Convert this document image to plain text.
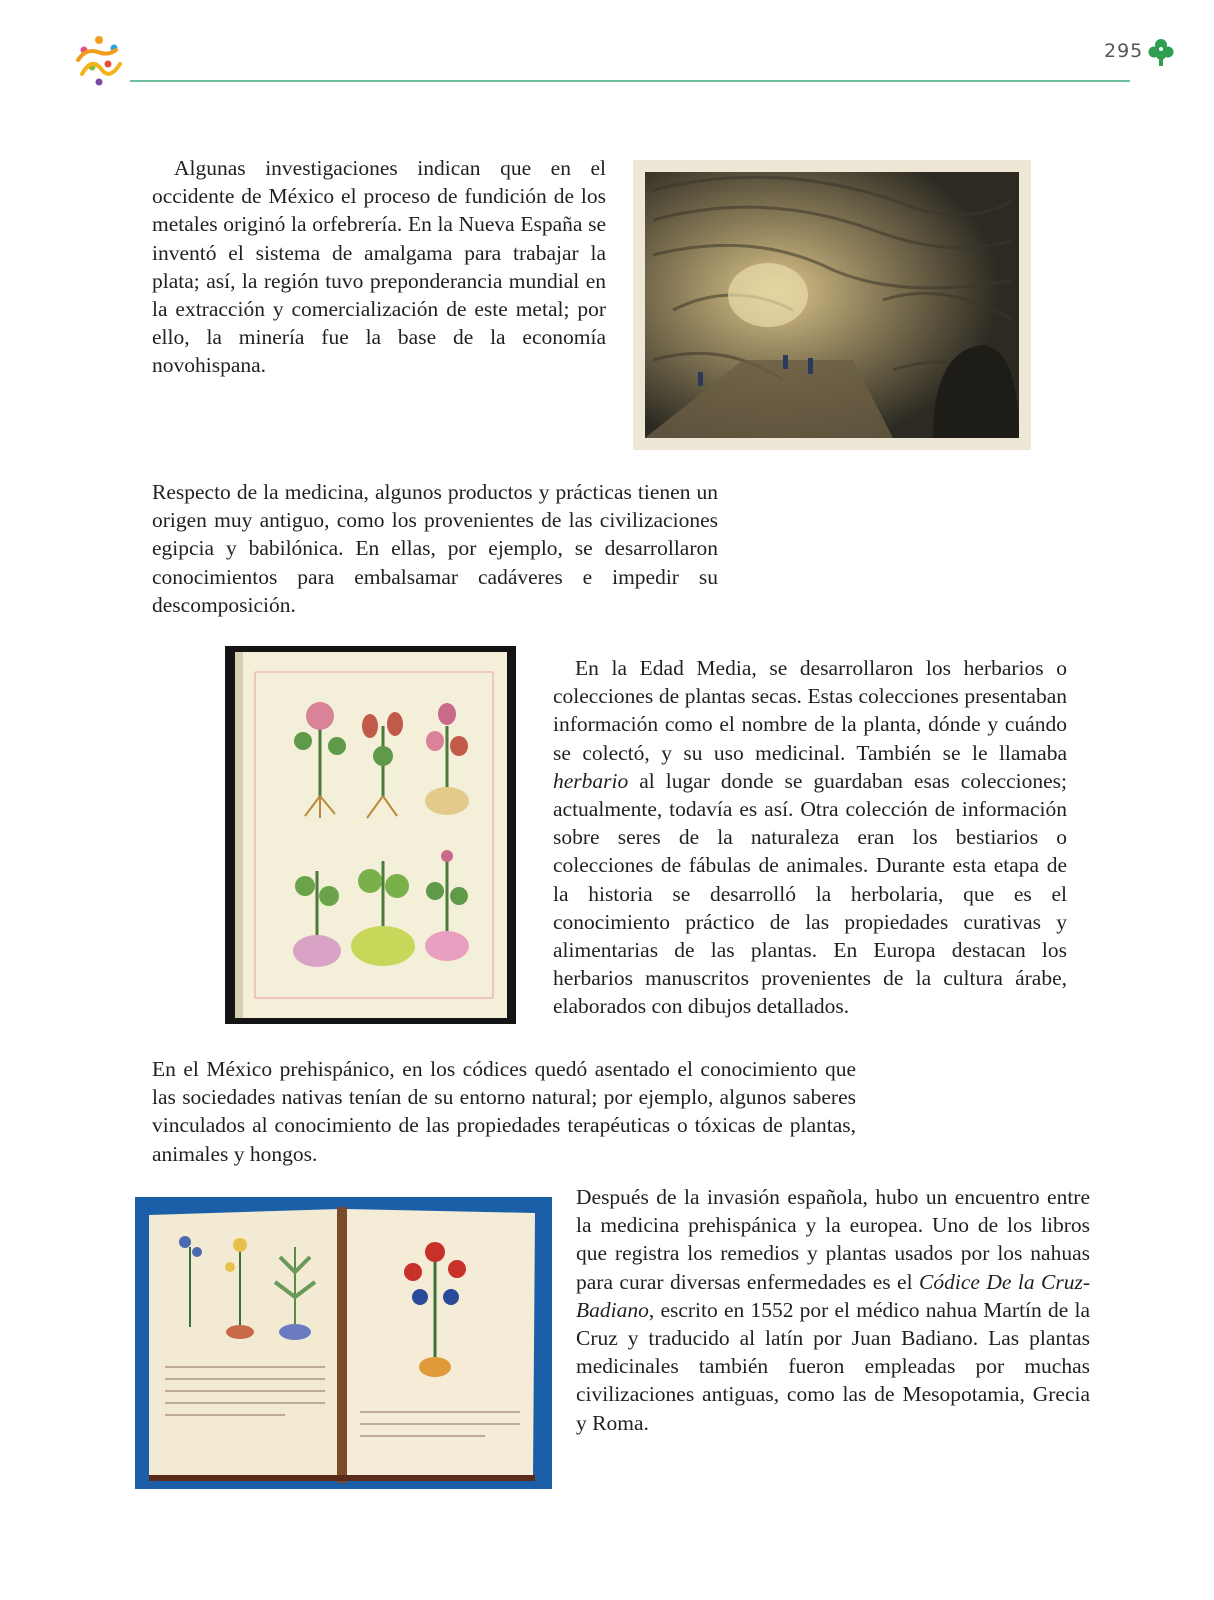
295

Algunas investigaciones indican que en el occidente de México el proceso de fundición de los metales originó la orfebrería. En la Nueva España se inventó el sistema de amalgama para trabajar la plata; así, la región tuvo preponderancia mundial en la extracción y comercialización de este metal; por ello, la minería fue la base de la economía novohispana.

Respecto de la medicina, algunos productos y prácticas tienen un origen muy antiguo, como los provenientes de las civilizaciones egipcia y babilónica. En ellas, por ejemplo, se desarrollaron conocimientos para embalsamar cadáveres e impedir su descomposición.

En la Edad Media, se desarrollaron los herbarios o colecciones de plantas secas. Estas colecciones presentaban información como el nombre de la planta, dónde y cuándo se colectó, y su uso medicinal. También se le llamaba herbario al lugar donde se guardaban esas colecciones; actualmente, todavía es así. Otra colección de información sobre seres de la naturaleza eran los bestiarios o colecciones de fábulas de animales. Durante esta etapa de la historia se desarrolló la herbolaria, que es el conocimiento práctico de las propiedades curativas y alimentarias de las plantas. En Europa destacan los herbarios manuscritos provenientes de la cultura árabe, elaborados con dibujos detallados.

En el México prehispánico, en los códices quedó asentado el conocimiento que las sociedades nativas tenían de su entorno natural; por ejemplo, algunos saberes vinculados al conocimiento de las propiedades terapéuticas o tóxicas de plantas, animales y hongos.

Después de la invasión española, hubo un encuentro entre la medicina prehispánica y la europea. Uno de los libros que registra los remedios y plantas usados por los nahuas para curar diversas enfermedades es el Códice De la Cruz-Badiano, escrito en 1552 por el médico nahua Martín de la Cruz y traducido al latín por Juan Badiano. Las plantas medicinales también fueron empleadas por muchas civilizaciones antiguas, como las de Mesopotamia, Grecia y Roma.
